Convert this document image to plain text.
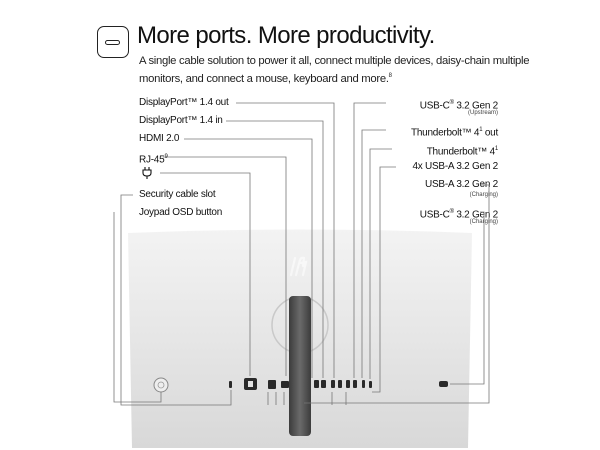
More ports. More productivity.
A single cable solution to power it all, connect multiple devices, daisy-chain multiple monitors, and connect a mouse, keyboard and more.$^8$
DisplayPort™ 1.4 out
DisplayPort™ 1.4 in
HDMI 2.0
$RJ-45^9$
Security cable slot
Joypad OSD button
USB-C® 3.2 Gen 2
(Upstream)
Thunderbolt™ $4^1$ out
Thunderbolt™ $4^1$
4x USB-A 3.2 Gen 2
USB-A 3.2 Gen 2
(Charging)
USB-C® 3.2 Gen 2
(Charging)
